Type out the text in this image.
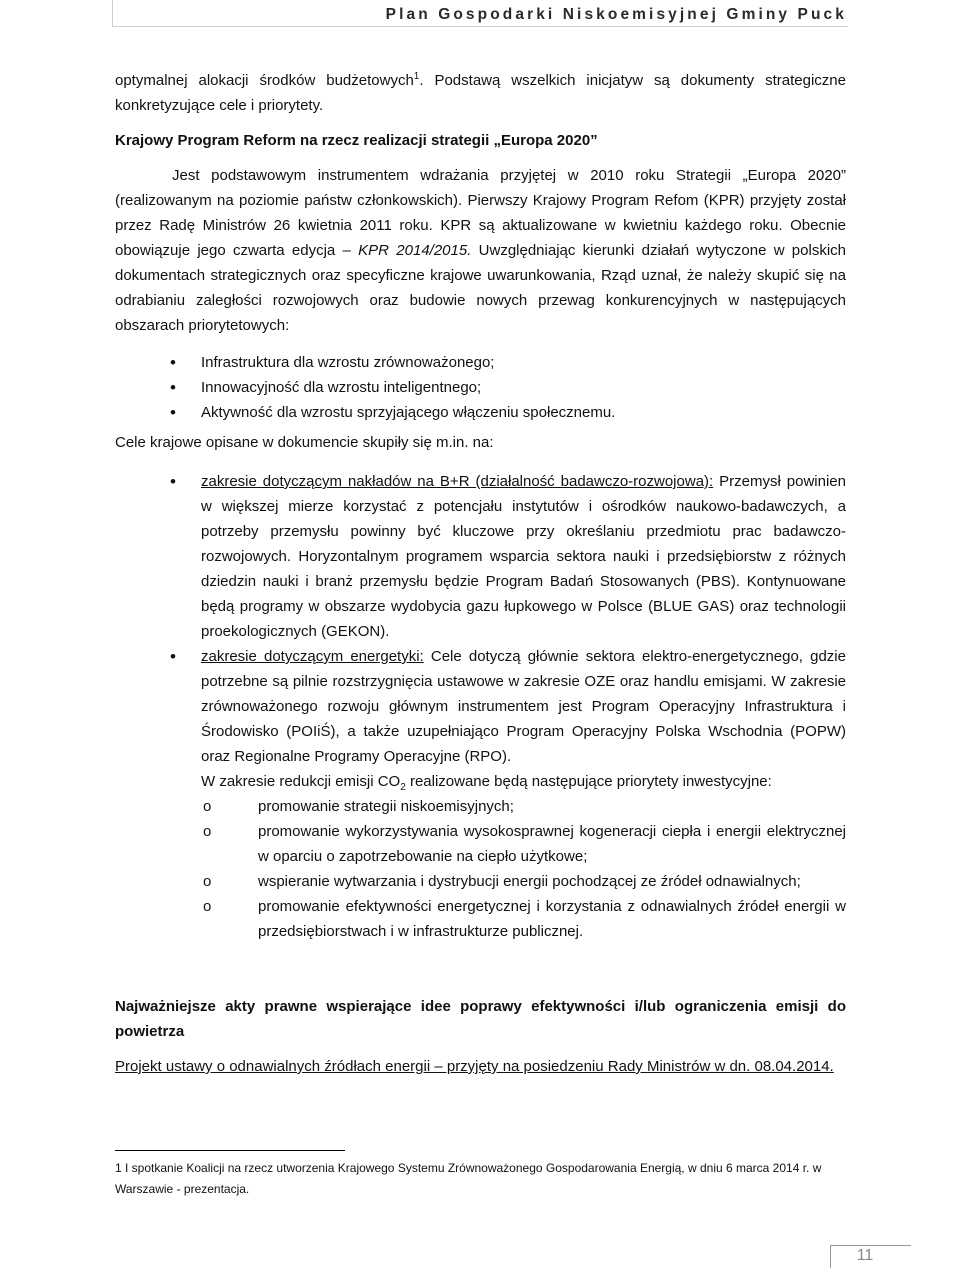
Plan Gospodarki Niskoemisyjnej Gminy Puck

optymalnej alokacji środków budżetowych$^1$. Podstawą wszelkich inicjatyw są dokumenty strategiczne konkretyzujące cele i priorytety.

Krajowy Program Reform na rzecz realizacji strategii „Europa 2020”

Jest podstawowym instrumentem wdrażania przyjętej w 2010 roku Strategii „Europa 2020” (realizowanym na poziomie państw członkowskich). Pierwszy Krajowy Program Refom (KPR) przyjęty został przez Radę Ministrów 26 kwietnia 2011 roku. KPR są aktualizowane w kwietniu każdego roku. Obecnie obowiązuje jego czwarta edycja – KPR 2014/2015. Uwzględniając kierunki działań wytyczone w polskich dokumentach strategicznych oraz specyficzne krajowe uwarunkowania, Rząd uznał, że należy skupić się na odrabianiu zaległości rozwojowych oraz budowie nowych przewag konkurencyjnych w następujących obszarach priorytetowych:

• Infrastruktura dla wzrostu zrównoważonego;
• Innowacyjność dla wzrostu inteligentnego;
• Aktywność dla wzrostu sprzyjającego włączeniu społecznemu.

Cele krajowe opisane w dokumencie skupiły się m.in. na:

• zakresie dotyczącym nakładów na B+R (działalność badawczo-rozwojowa): Przemysł powinien w większej mierze korzystać z potencjału instytutów i ośrodków naukowo-badawczych, a potrzeby przemysłu powinny być kluczowe przy określaniu przedmiotu prac badawczo-rozwojowych. Horyzontalnym programem wsparcia sektora nauki i przedsiębiorstw z różnych dziedzin nauki i branż przemysłu będzie Program Badań Stosowanych (PBS). Kontynuowane będą programy w obszarze wydobycia gazu łupkowego w Polsce (BLUE GAS) oraz technologii proekologicznych (GEKON).
• zakresie dotyczącym energetyki: Cele dotyczą głównie sektora elektro-energetycznego, gdzie potrzebne są pilnie rozstrzygnięcia ustawowe w zakresie OZE oraz handlu emisjami. W zakresie zrównoważonego rozwoju głównym instrumentem jest Program Operacyjny Infrastruktura i Środowisko (POIiŚ), a także uzupełniająco Program Operacyjny Polska Wschodnia (POPW) oraz Regionalne Programy Operacyjne (RPO).
W zakresie redukcji emisji $CO_2$ realizowane będą następujące priorytety inwestycyjne:
o promowanie strategii niskoemisyjnych;
o promowanie wykorzystywania wysokosprawnej kogeneracji ciepła i energii elektrycznej w oparciu o zapotrzebowanie na ciepło użytkowe;
o wspieranie wytwarzania i dystrybucji energii pochodzącej ze źródeł odnawialnych;
o promowanie efektywności energetycznej i korzystania z odnawialnych źródeł energii w przedsiębiorstwach i w infrastrukturze publicznej.

Najważniejsze akty prawne wspierające idee poprawy efektywności i/lub ograniczenia emisji do powietrza

Projekt ustawy o odnawialnych źródłach energii – przyjęty na posiedzeniu Rady Ministrów w dn. 08.04.2014.

1 I spotkanie Koalicji na rzecz utworzenia Krajowego Systemu Zrównoważonego Gospodarowania Energią, w dniu 6 marca 2014 r. w Warszawie - prezentacja.
11
